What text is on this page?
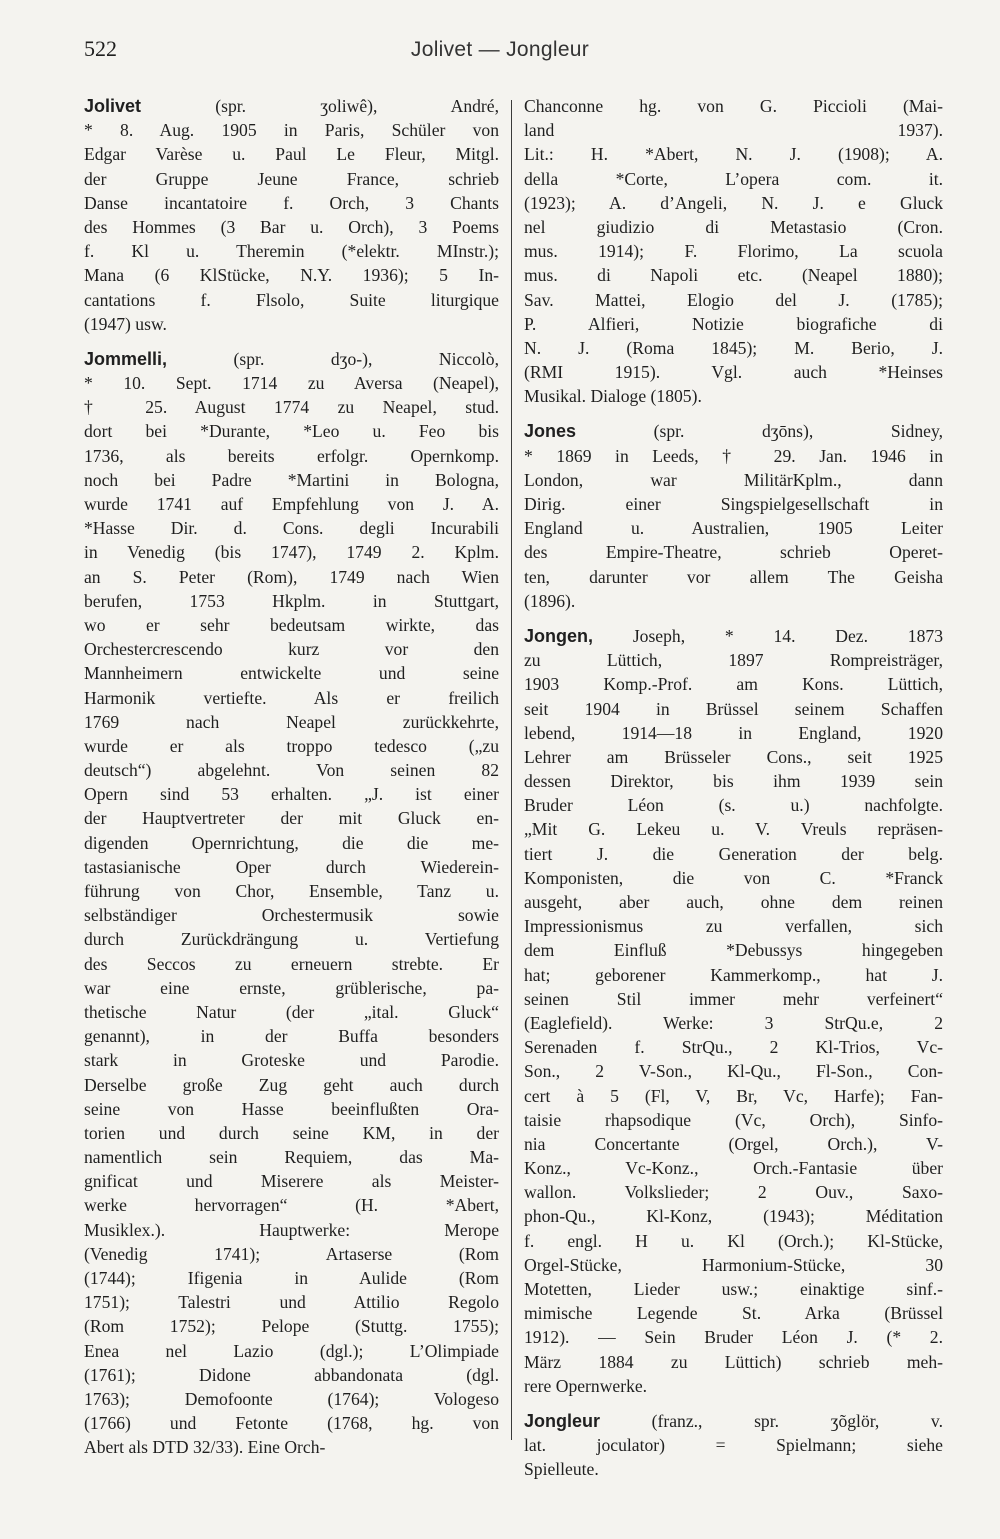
522	Jolivet — Jongleur
Jolivet (spr. ʒoliwê), André,
* 8. Aug. 1905 in Paris, Schüler von
Edgar Varèse u. Paul Le Fleur, Mitgl.
der Gruppe Jeune France, schrieb
Danse incantatoire f. Orch, 3 Chants
des Hommes (3 Bar u. Orch), 3 Poems
f. Kl u. Theremin (*elektr. MInstr.);
Mana (6 KlStücke, N.Y. 1936); 5 In-
cantations f. Flsolo, Suite liturgique
(1947) usw.
Jommelli, (spr. dʒo-), Niccolò,
* 10. Sept. 1714 zu Aversa (Neapel),
† 25. August 1774 zu Neapel, stud.
dort bei *Durante, *Leo u. Feo bis
1736, als bereits erfolgr. Opernkomp.
noch bei Padre *Martini in Bologna,
wurde 1741 auf Empfehlung von J. A.
*Hasse Dir. d. Cons. degli Incurabili
in Venedig (bis 1747), 1749 2. Kplm.
an S. Peter (Rom), 1749 nach Wien
berufen, 1753 Hkplm. in Stuttgart,
wo er sehr bedeutsam wirkte, das
Orchestercrescendo kurz vor den
Mannheimern entwickelte und seine
Harmonik vertiefte. Als er freilich
1769 nach Neapel zurückkehrte,
wurde er als troppo tedesco („zu
deutsch“) abgelehnt. Von seinen 82
Opern sind 53 erhalten. „J. ist einer
der Hauptvertreter der mit Gluck en-
digenden Opernrichtung, die die me-
tastasianische Oper durch Wiederein-
führung von Chor, Ensemble, Tanz u.
selbständiger Orchestermusik sowie
durch Zurückdrängung u. Vertiefung
des Seccos zu erneuern strebte. Er
war eine ernste, grüblerische, pa-
thetische Natur (der „ital. Gluck“
genannt), in der Buffa besonders
stark in Groteske und Parodie.
Derselbe große Zug geht auch durch
seine von Hasse beeinflußten Ora-
torien und durch seine KM, in der
namentlich sein Requiem, das Ma-
gnificat und Miserere als Meister-
werke hervorragen“ (H. *Abert,
Musiklex.). Hauptwerke: Merope
(Venedig 1741); Artaserse (Rom
(1744); Ifigenia in Aulide (Rom
1751); Talestri und Attilio Regolo
(Rom 1752); Pelope (Stuttg. 1755);
Enea nel Lazio (dgl.); L’Olimpiade
(1761); Didone abbandonata (dgl.
1763); Demofoonte (1764); Vologeso
(1766) und Fetonte (1768, hg. von
Abert als DTD 32/33). Eine Orch-
Chanconne hg. von G. Piccioli (Mai-
land 1937).
Lit.: H. *Abert, N. J. (1908); A.
della *Corte, L’opera com. it.
(1923); A. d’Angeli, N. J. e Gluck
nel giudizio di Metastasio (Cron.
mus. 1914); F. Florimo, La scuola
mus. di Napoli etc. (Neapel 1880);
Sav. Mattei, Elogio del J. (1785);
P. Alfieri, Notizie biografiche di
N. J. (Roma 1845); M. Berio, J.
(RMI 1915). Vgl. auch *Heinses
Musikal. Dialoge (1805).
Jones (spr. dʒōns), Sidney,
* 1869 in Leeds, † 29. Jan. 1946 in
London, war MilitärKplm., dann
Dirig. einer Singspielgesellschaft in
England u. Australien, 1905 Leiter
des Empire-Theatre, schrieb Operet-
ten, darunter vor allem The Geisha
(1896).
Jongen, Joseph, * 14. Dez. 1873
zu Lüttich, 1897 Rompreisträger,
1903 Komp.-Prof. am Kons. Lüttich,
seit 1904 in Brüssel seinem Schaffen
lebend, 1914—18 in England, 1920
Lehrer am Brüsseler Cons., seit 1925
dessen Direktor, bis ihm 1939 sein
Bruder Léon (s. u.) nachfolgte.
„Mit G. Lekeu u. V. Vreuls repräsen-
tiert J. die Generation der belg.
Komponisten, die von C. *Franck
ausgeht, aber auch, ohne dem reinen
Impressionismus zu verfallen, sich
dem Einfluß *Debussys hingegeben
hat; geborener Kammerkomp., hat J.
seinen Stil immer mehr verfeinert“
(Eaglefield). Werke: 3 StrQu.e, 2
Serenaden f. StrQu., 2 Kl-Trios, Vc-
Son., 2 V-Son., Kl-Qu., Fl-Son., Con-
cert à 5 (Fl, V, Br, Vc, Harfe); Fan-
taisie rhapsodique (Vc, Orch), Sinfo-
nia Concertante (Orgel, Orch.), V-
Konz., Vc-Konz., Orch.-Fantasie über
wallon. Volkslieder; 2 Ouv., Saxo-
phon-Qu., Kl-Konz, (1943); Méditation
f. engl. H u. Kl (Orch.); Kl-Stücke,
Orgel-Stücke, Harmonium-Stücke, 30
Motetten, Lieder usw.; einaktige sinf.-
mimische Legende St. Arka (Brüssel
1912). — Sein Bruder Léon J. (* 2.
März 1884 zu Lüttich) schrieb meh-
rere Opernwerke.
Jongleur (franz., spr. ʒõglör, v.
lat. joculator) = Spielmann; siehe
Spielleute.
